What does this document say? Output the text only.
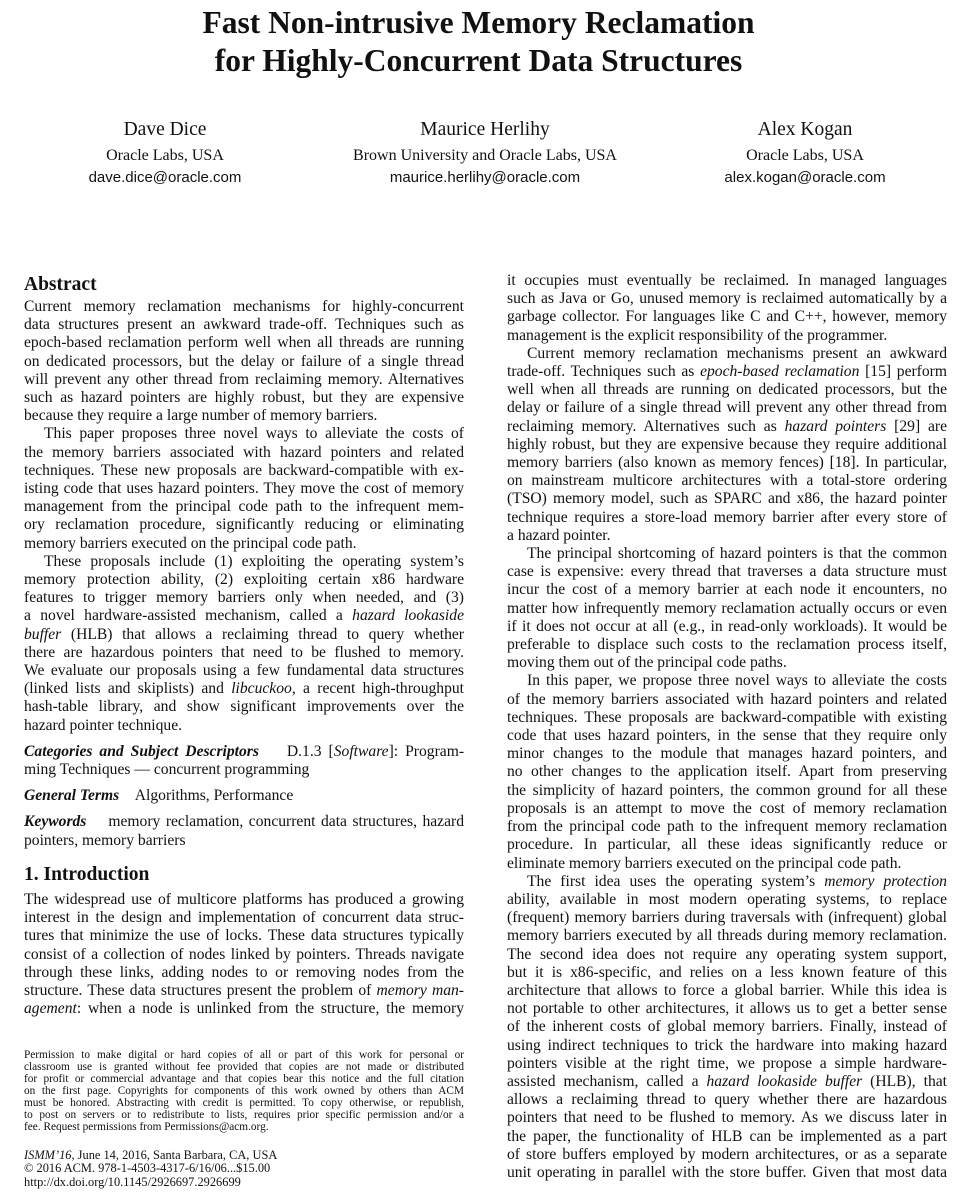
Fast Non-intrusive Memory Reclamation
for Highly-Concurrent Data Structures
Dave Dice
Oracle Labs, USA
dave.dice@oracle.com
Maurice Herlihy
Brown University and Oracle Labs, USA
maurice.herlihy@oracle.com
Alex Kogan
Oracle Labs, USA
alex.kogan@oracle.com
Abstract
Current memory reclamation mechanisms for highly-concurrent
data structures present an awkward trade-off. Techniques such as
epoch-based reclamation perform well when all threads are running
on dedicated processors, but the delay or failure of a single thread
will prevent any other thread from reclaiming memory. Alternatives
such as hazard pointers are highly robust, but they are expensive
because they require a large number of memory barriers.
This paper proposes three novel ways to alleviate the costs of
the memory barriers associated with hazard pointers and related
techniques. These new proposals are backward-compatible with ex-
isting code that uses hazard pointers. They move the cost of memory
management from the principal code path to the infrequent mem-
ory reclamation procedure, significantly reducing or eliminating
memory barriers executed on the principal code path.
These proposals include (1) exploiting the operating system’s
memory protection ability, (2) exploiting certain x86 hardware
features to trigger memory barriers only when needed, and (3)
a novel hardware-assisted mechanism, called a hazard lookaside
buffer (HLB) that allows a reclaiming thread to query whether
there are hazardous pointers that need to be flushed to memory.
We evaluate our proposals using a few fundamental data structures
(linked lists and skiplists) and libcuckoo, a recent high-throughput
hash-table library, and show significant improvements over the
hazard pointer technique.
Categories and Subject Descriptors D.1.3 [Software]: Program-
ming Techniques — concurrent programming
General Terms Algorithms, Performance
Keywords memory reclamation, concurrent data structures, hazard
pointers, memory barriers
1. Introduction
The widespread use of multicore platforms has produced a growing
interest in the design and implementation of concurrent data struc-
tures that minimize the use of locks. These data structures typically
consist of a collection of nodes linked by pointers. Threads navigate
through these links, adding nodes to or removing nodes from the
structure. These data structures present the problem of memory man-
agement: when a node is unlinked from the structure, the memory
Permission to make digital or hard copies of all or part of this work for personal or
classroom use is granted without fee provided that copies are not made or distributed
for profit or commercial advantage and that copies bear this notice and the full citation
on the first page. Copyrights for components of this work owned by others than ACM
must be honored. Abstracting with credit is permitted. To copy otherwise, or republish,
to post on servers or to redistribute to lists, requires prior specific permission and/or a
fee. Request permissions from Permissions@acm.org.
ISMM’16, June 14, 2016, Santa Barbara, CA, USA
© 2016 ACM. 978-1-4503-4317-6/16/06...$15.00
http://dx.doi.org/10.1145/2926697.2926699
it occupies must eventually be reclaimed. In managed languages
such as Java or Go, unused memory is reclaimed automatically by a
garbage collector. For languages like C and C++, however, memory
management is the explicit responsibility of the programmer.
Current memory reclamation mechanisms present an awkward
trade-off. Techniques such as epoch-based reclamation [15] perform
well when all threads are running on dedicated processors, but the
delay or failure of a single thread will prevent any other thread from
reclaiming memory. Alternatives such as hazard pointers [29] are
highly robust, but they are expensive because they require additional
memory barriers (also known as memory fences) [18]. In particular,
on mainstream multicore architectures with a total-store ordering
(TSO) memory model, such as SPARC and x86, the hazard pointer
technique requires a store-load memory barrier after every store of
a hazard pointer.
The principal shortcoming of hazard pointers is that the common
case is expensive: every thread that traverses a data structure must
incur the cost of a memory barrier at each node it encounters, no
matter how infrequently memory reclamation actually occurs or even
if it does not occur at all (e.g., in read-only workloads). It would be
preferable to displace such costs to the reclamation process itself,
moving them out of the principal code paths.
In this paper, we propose three novel ways to alleviate the costs
of the memory barriers associated with hazard pointers and related
techniques. These proposals are backward-compatible with existing
code that uses hazard pointers, in the sense that they require only
minor changes to the module that manages hazard pointers, and
no other changes to the application itself. Apart from preserving
the simplicity of hazard pointers, the common ground for all these
proposals is an attempt to move the cost of memory reclamation
from the principal code path to the infrequent memory reclamation
procedure. In particular, all these ideas significantly reduce or
eliminate memory barriers executed on the principal code path.
The first idea uses the operating system’s memory protection
ability, available in most modern operating systems, to replace
(frequent) memory barriers during traversals with (infrequent) global
memory barriers executed by all threads during memory reclamation.
The second idea does not require any operating system support,
but it is x86-specific, and relies on a less known feature of this
architecture that allows to force a global barrier. While this idea is
not portable to other architectures, it allows us to get a better sense
of the inherent costs of global memory barriers. Finally, instead of
using indirect techniques to trick the hardware into making hazard
pointers visible at the right time, we propose a simple hardware-
assisted mechanism, called a hazard lookaside buffer (HLB), that
allows a reclaiming thread to query whether there are hazardous
pointers that need to be flushed to memory. As we discuss later in
the paper, the functionality of HLB can be implemented as a part
of store buffers employed by modern architectures, or as a separate
unit operating in parallel with the store buffer. Given that most data
